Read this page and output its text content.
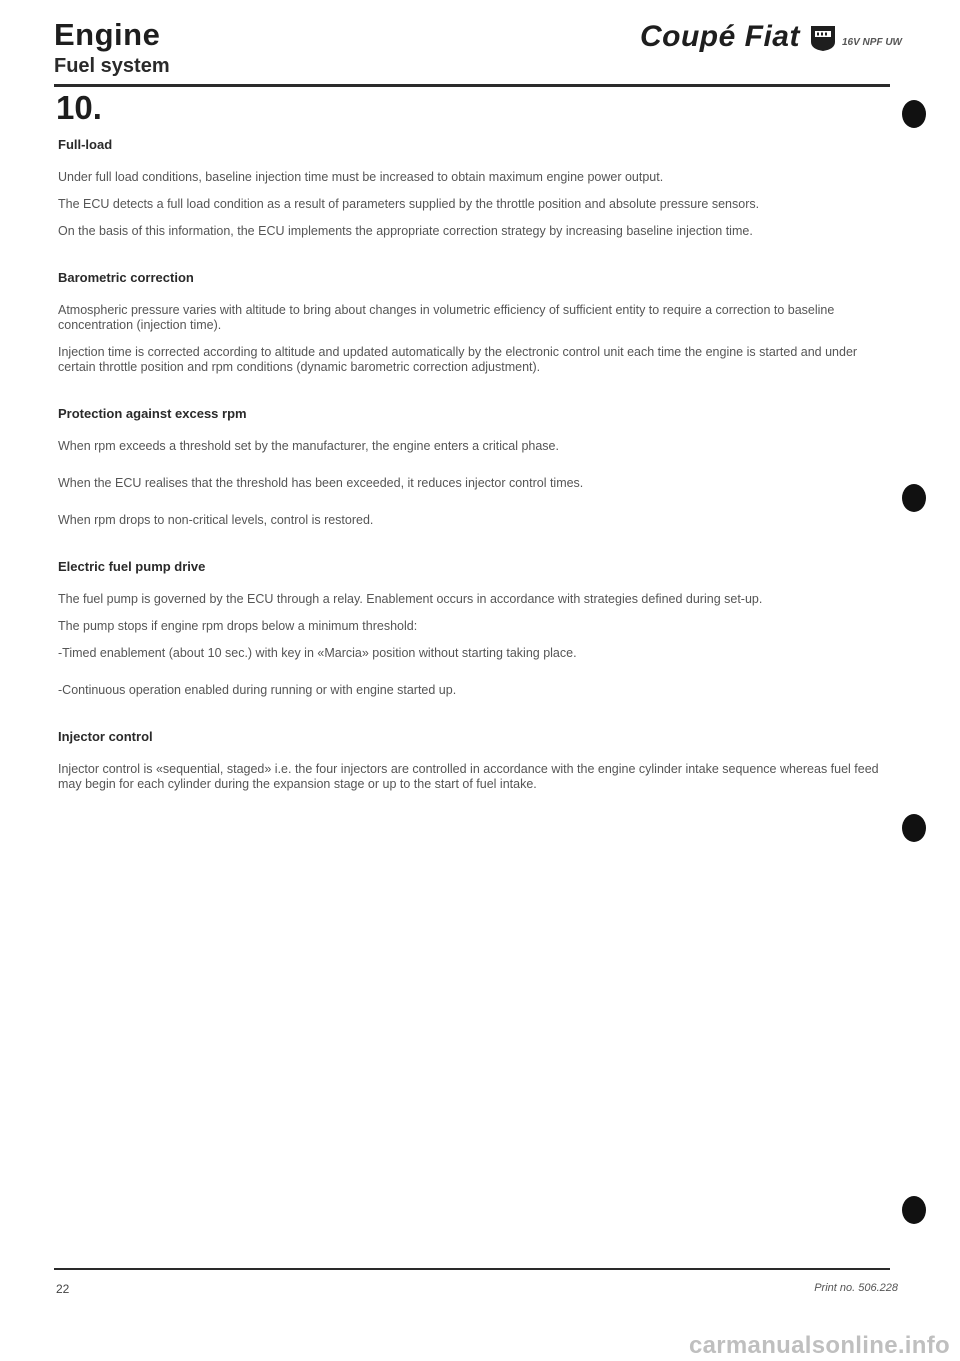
Engine
Fuel system
Coupé Fiat	16V NPF UW
10.
Full-load

Under full load conditions, baseline injection time must be increased to obtain maximum engine power output.

The ECU detects a full load condition as a result of parameters supplied by the throttle position and absolute pressure sensors.

On the basis of this information, the ECU implements the appropriate correction strategy by increasing baseline injection time.

Barometric correction

Atmospheric pressure varies with altitude to bring about changes in volumetric efficiency of sufficient entity to require a correction to baseline concentration (injection time).

Injection time is corrected according to altitude and updated automatically by the electronic control unit each time the engine is started and under certain throttle position and rpm conditions (dynamic barometric correction adjustment).

Protection against excess rpm

When rpm exceeds a threshold set by the manufacturer, the engine enters a critical phase.

When the ECU realises that the threshold has been exceeded, it reduces injector control times.

When rpm drops to non-critical levels, control is restored.

Electric fuel pump drive

The fuel pump is governed by the ECU through a relay. Enablement occurs in accordance with strategies defined during set-up.

The pump stops if engine rpm drops below a minimum threshold:

-Timed enablement (about 10 sec.) with key in «Marcia» position without starting taking place.

-Continuous operation enabled during running or with engine started up.

Injector control

Injector control is «sequential, staged» i.e. the four injectors are controlled in accordance with the engine cylinder intake sequence whereas fuel feed may begin for each cylinder during the expansion stage or up to the start of fuel intake.

22	Print no. 506.228
carmanualsonline.info
